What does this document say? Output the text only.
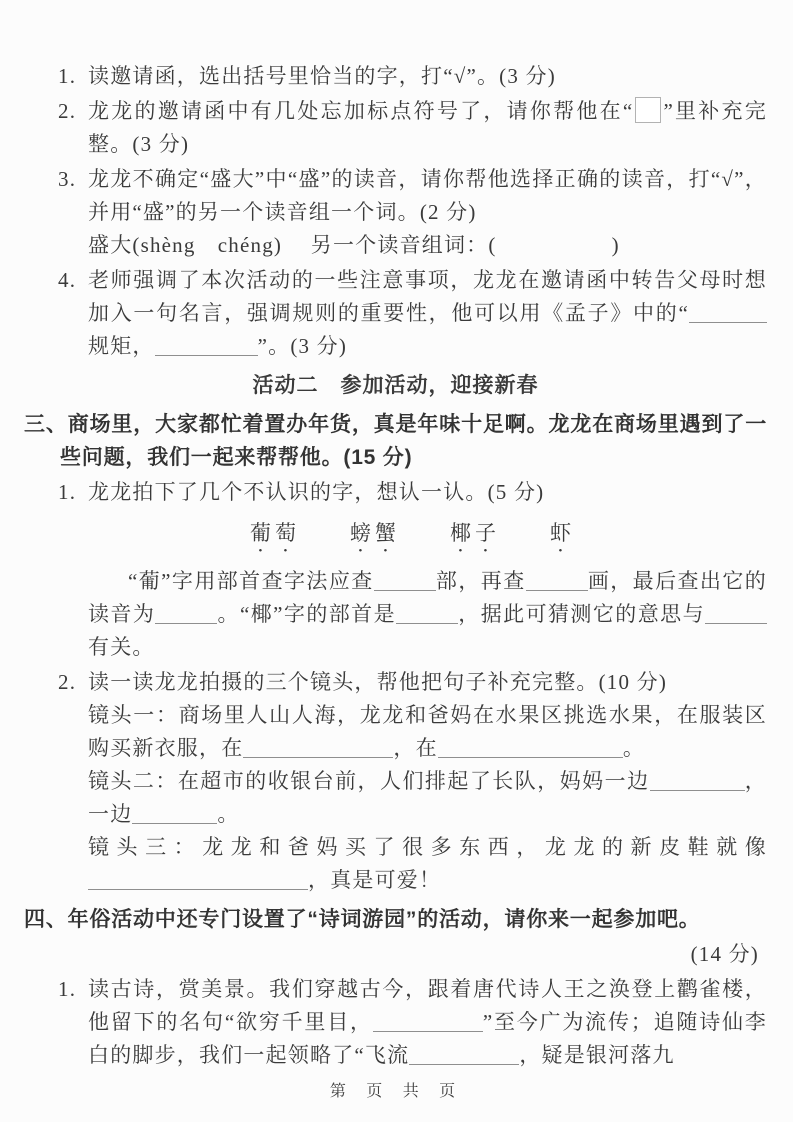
1. 读邀请函，选出括号里恰当的字，打“√”。(3 分)
2. 龙龙的邀请函中有几处忘加标点符号了，请你帮他在“ ”里补充完整。(3 分)
3. 龙龙不确定“盛大”中“盛”的读音，请你帮他选择正确的读音，打“√”，并用“盛”的另一个读音组一个词。(2 分)
盛大(shèng　chéng)　 另一个读音组词：(	)
4. 老师强调了本次活动的一些注意事项，龙龙在邀请函中转告父母时想加入一句名言，强调规则的重要性，他可以用《孟子》中的“规矩，	”。(3 分)
活动二　参加活动，迎接新春
三、商场里，大家都忙着置办年货，真是年味十足啊。龙龙在商场里遇到了一些问题，我们一起来帮帮他。(15 分)
1. 龙龙拍下了几个不认识的字，想认一认。(5 分)
葡萄 螃蟹 椰子 虾
“葡”字用部首查字法应查	部，再查	画，最后查出它的读音为	。“椰”字的部首是	，据此可猜测它的意思与有关。
2. 读一读龙龙拍摄的三个镜头，帮他把句子补充完整。(10 分)
镜头一：商场里人山人海，龙龙和爸妈在水果区挑选水果，在服装区购买新衣服，在	，在	。
镜头二：在超市的收银台前，人们排起了长队，妈妈一边	，一边	。
镜头三：龙龙和爸妈买了很多东西，龙龙的新皮鞋就像，真是可爱！
四、年俗活动中还专门设置了“诗词游园”的活动，请你来一起参加吧。
(14 分)
1. 读古诗，赏美景。我们穿越古今，跟着唐代诗人王之涣登上鹳雀楼，他留下的名句“欲穷千里目，	”至今广为流传；追随诗仙李白的脚步，我们一起领略了“飞流	，疑是银河落九
第 页 共 页
